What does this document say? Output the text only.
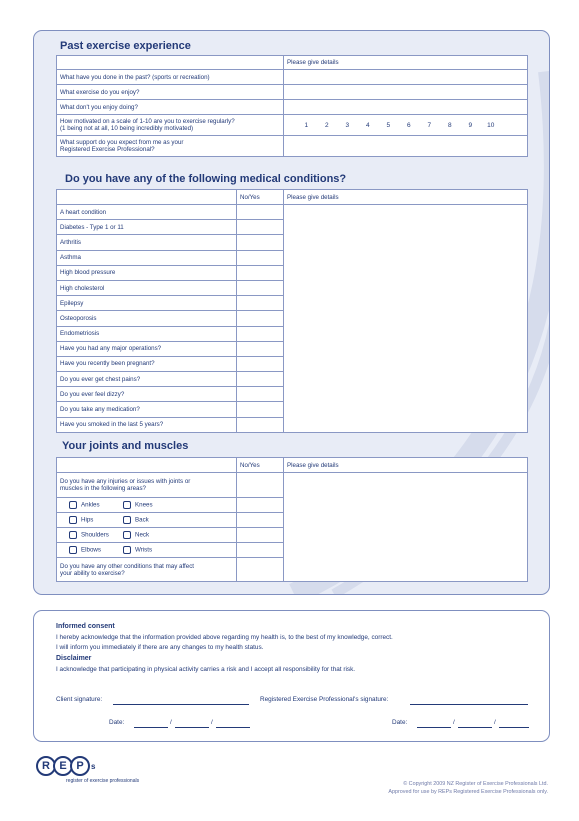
Past exercise experience
	Please give details
What have you done in the past? (sports or recreation)	
What exercise do you enjoy?	
What don't you enjoy doing?	
How motivated on a scale of 1-10 are you to exercise regularly?
(1 being not at all, 10 being incredibly motivated)	1 2 3 4 5 6 7 8 9 10
What support do you expect from me as your
Registered Exercise Professional?	
Do you have any of the following medical conditions?
	No/Yes	Please give details
A heart condition		
Diabetes - Type 1 or 11		
Arthritis		
Asthma		
High blood pressure		
High cholesterol		
Epilepsy		
Osteoporosis		
Endometriosis		
Have you had any major operations?		
Have you recently been pregnant?		
Do you ever get chest pains?		
Do you ever feel dizzy?		
Do you take any medication?		
Have you smoked in the last 5 years?		
Your joints and muscles
	No/Yes	Please give details
Do you have any injuries or issues with joints or
muscles in the following areas?		
Ankles Knees		
Hips Back		
Shoulders Neck		
Elbows Wrists		
Do you have any other conditions that may affect
your ability to exercise?		
Informed consent
I hereby acknowledge that the information provided above regarding my health is, to the best of my knowledge, correct.
I will inform you immediately if there are any changes to my health status.
Disclaimer
I acknowledge that participating in physical activity carries a risk and I accept all responsibility for that risk.
Client signature:	Registered Exercise Professional's signature:
Date:	/	/	Date:	/	/
R E P s
register of exercise professionals	© Copyright 2009 NZ Register of Exercise Professionals Ltd.
Approved for use by REPs Registered Exercise Professionals only.
